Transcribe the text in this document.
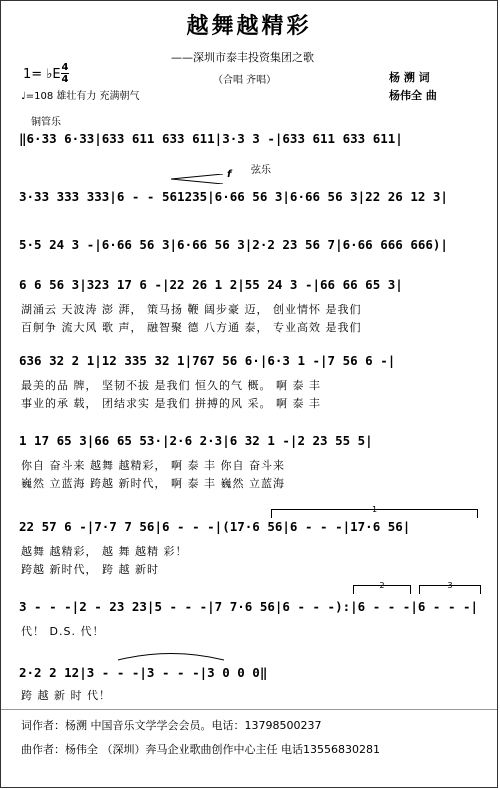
越舞越精彩
——深圳市泰丰投资集团之歌
1= ♭E 4
4
♩=108 雄壮有力 充满朝气
（合唱 齐唱）	杨 溯 词
杨伟全 曲
铜管乐
‖6·33 6·33|633 611 633 611|3·3 3 -|633 611 633 611|
弦乐
f
3·33 333 333|6 - - 561235|6·66 56 3|6·66 56 3|22 26 12 3|
5·5 24 3 -|6·66 56 3|6·66 56 3|2·2 23 56 7|6·66 666 666)|
6 6 56 3|323 17 6 -|22 26 1 2|55 24 3 -|66 66 65 3|
湖涌云 天波涛 澎 湃， 策马扬 鞭 阔步豪 迈， 创业情怀 是我们
百舸争 流大风 歌 声， 融智聚 德 八方通 泰， 专业高效 是我们
636 32 2 1|12 335 32 1|767 56 6·|6·3 1 -|7 56 6 -|
最美的品 牌， 坚韧不拔 是我们 恒久的气 概。 啊 泰 丰
事业的承 载， 团结求实 是我们 拼搏的风 采。 啊 泰 丰
1 17 65 3|66 65 53·|2·6 2·3|6 32 1 -|2 23 55 5|
你自 奋斗来 越舞 越精彩， 啊 泰 丰 你自 奋斗来
巍然 立蓝海 跨越 新时代， 啊 泰 丰 巍然 立蓝海
1
22 57 6 -|7·7 7 56|6 - - -|(17·6 56|6 - - -|17·6 56|
越舞 越精彩， 越 舞 越精 彩！
跨越 新时代， 跨 越 新时
2	3
3 - - -|2 - 23 23|5 - - -|7 7·6 56|6 - - -):|6 - - -|6 - - -|
代！ D.S. 代！
2·2 2 12|3 - - -|3 - - -|3 0 0 0‖
跨 越 新 时 代！
词作者：杨溯 中国音乐文学学会会员。电话：13798500237
曲作者：杨伟全 （深圳）奔马企业歌曲创作中心主任 电话13556830281
